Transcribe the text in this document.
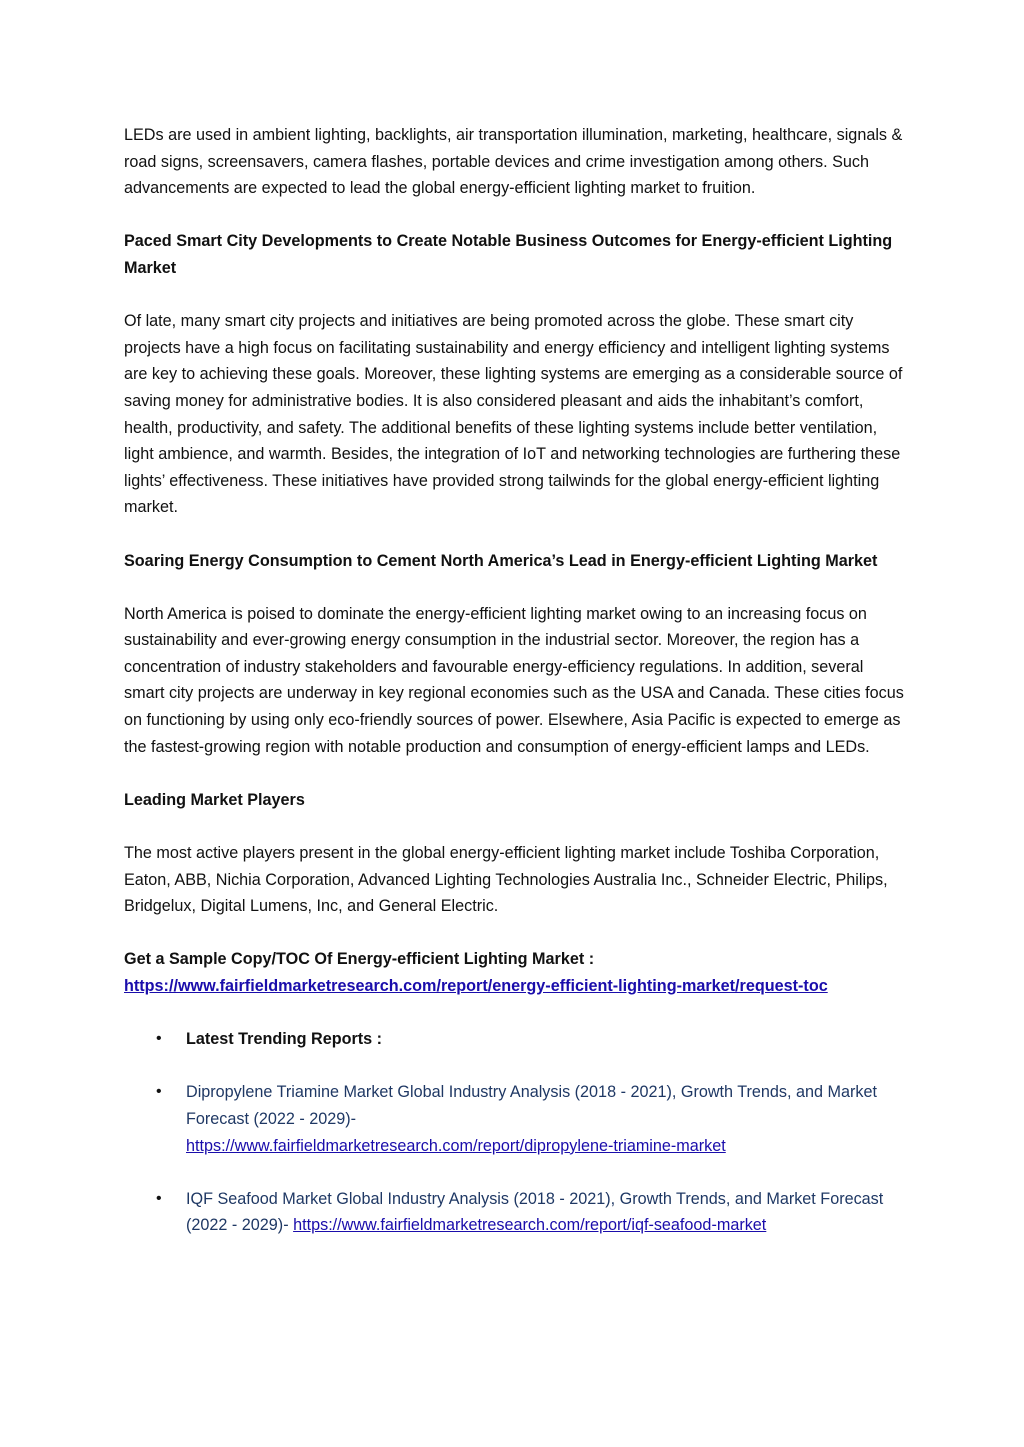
LEDs are used in ambient lighting, backlights, air transportation illumination, marketing, healthcare, signals & road signs, screensavers, camera flashes, portable devices and crime investigation among others. Such advancements are expected to lead the global energy-efficient lighting market to fruition.

Paced Smart City Developments to Create Notable Business Outcomes for Energy-efficient Lighting Market

Of late, many smart city projects and initiatives are being promoted across the globe. These smart city projects have a high focus on facilitating sustainability and energy efficiency and intelligent lighting systems are key to achieving these goals. Moreover, these lighting systems are emerging as a considerable source of saving money for administrative bodies. It is also considered pleasant and aids the inhabitant’s comfort, health, productivity, and safety. The additional benefits of these lighting systems include better ventilation, light ambience, and warmth. Besides, the integration of IoT and networking technologies are furthering these lights’ effectiveness. These initiatives have provided strong tailwinds for the global energy-efficient lighting market.

Soaring Energy Consumption to Cement North America’s Lead in Energy-efficient Lighting Market

North America is poised to dominate the energy-efficient lighting market owing to an increasing focus on sustainability and ever-growing energy consumption in the industrial sector. Moreover, the region has a concentration of industry stakeholders and favourable energy-efficiency regulations. In addition, several smart city projects are underway in key regional economies such as the USA and Canada. These cities focus on functioning by using only eco-friendly sources of power. Elsewhere, Asia Pacific is expected to emerge as the fastest-growing region with notable production and consumption of energy-efficient lamps and LEDs.

Leading Market Players

The most active players present in the global energy-efficient lighting market include Toshiba Corporation, Eaton, ABB, Nichia Corporation, Advanced Lighting Technologies Australia Inc., Schneider Electric, Philips, Bridgelux, Digital Lumens, Inc, and General Electric.

Get a Sample Copy/TOC Of Energy-efficient Lighting Market :
https://www.fairfieldmarketresearch.com/report/energy-efficient-lighting-market/request-toc

• Latest Trending Reports :
• Dipropylene Triamine Market Global Industry Analysis (2018 - 2021), Growth Trends, and Market Forecast (2022 - 2029)-
https://www.fairfieldmarketresearch.com/report/dipropylene-triamine-market
• IQF Seafood Market Global Industry Analysis (2018 - 2021), Growth Trends, and Market Forecast (2022 - 2029)- https://www.fairfieldmarketresearch.com/report/iqf-seafood-market
